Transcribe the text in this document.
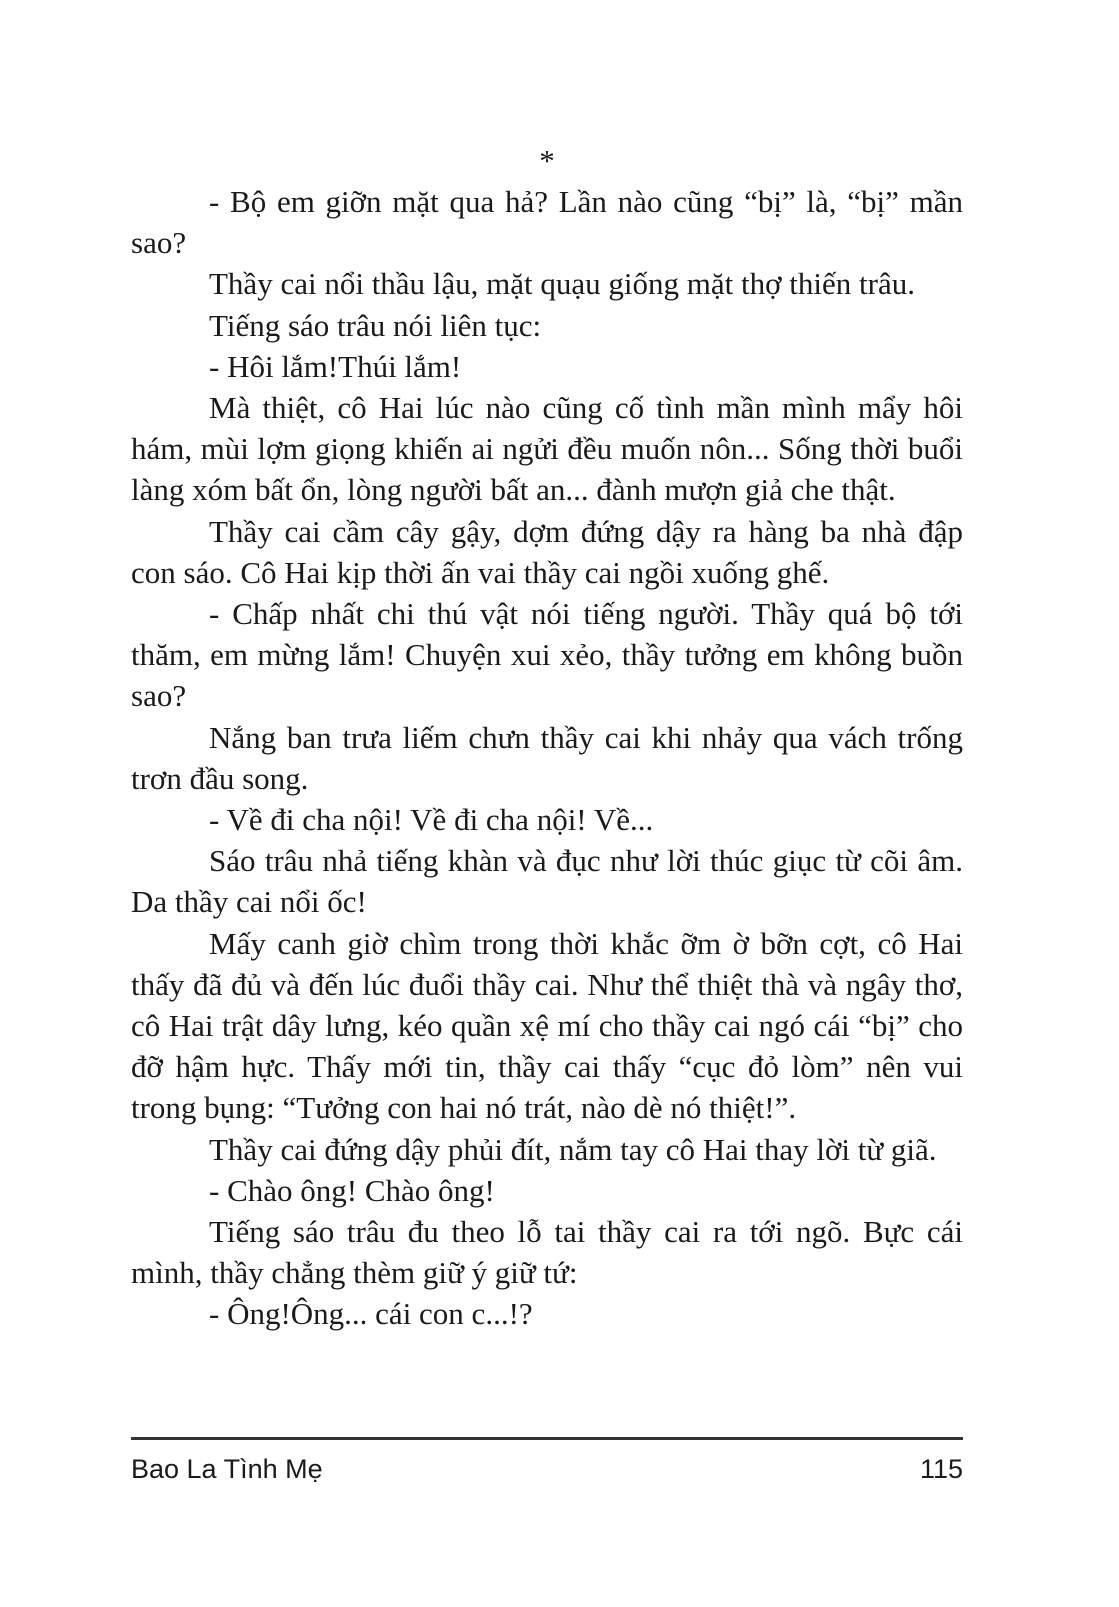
*

- Bộ em giỡn mặt qua hả? Lần nào cũng “bị” là, “bị” mần sao?

Thầy cai nổi thầu lậu, mặt quạu giống mặt thợ thiến trâu.

Tiếng sáo trâu nói liên tục:

- Hôi lắm!Thúi lắm!

Mà thiệt, cô Hai lúc nào cũng cố tình mần mình mẩy hôi hám, mùi lợm giọng khiến ai ngửi đều muốn nôn... Sống thời buổi làng xóm bất ổn, lòng người bất an... đành mượn giả che thật.

Thầy cai cầm cây gậy, dợm đứng dậy ra hàng ba nhà đập con sáo. Cô Hai kịp thời ấn vai thầy cai ngồi xuống ghế.

- Chấp nhất chi thú vật nói tiếng người. Thầy quá bộ tới thăm, em mừng lắm! Chuyện xui xẻo, thầy tưởng em không buồn sao?

Nắng ban trưa liếm chưn thầy cai khi nhảy qua vách trống trơn đầu song.

- Về đi cha nội! Về đi cha nội! Về...

Sáo trâu nhả tiếng khàn và đục như lời thúc giục từ cõi âm. Da thầy cai nổi ốc!

Mấy canh giờ chìm trong thời khắc ỡm ờ bỡn cợt, cô Hai thấy đã đủ và đến lúc đuổi thầy cai. Như thể thiệt thà và ngây thơ, cô Hai trật dây lưng, kéo quần xệ mí cho thầy cai ngó cái “bị” cho đỡ hậm hực. Thấy mới tin, thầy cai thấy “cục đỏ lòm” nên vui trong bụng: “Tưởng con hai nó trát, nào dè nó thiệt!”.

Thầy cai đứng dậy phủi đít, nắm tay cô Hai thay lời từ giã.

- Chào ông! Chào ông!

Tiếng sáo trâu đu theo lỗ tai thầy cai ra tới ngõ. Bực cái mình, thầy chẳng thèm giữ ý giữ tứ:

- Ông!Ông... cái con c...!?

Bao La Tình Mẹ	115
